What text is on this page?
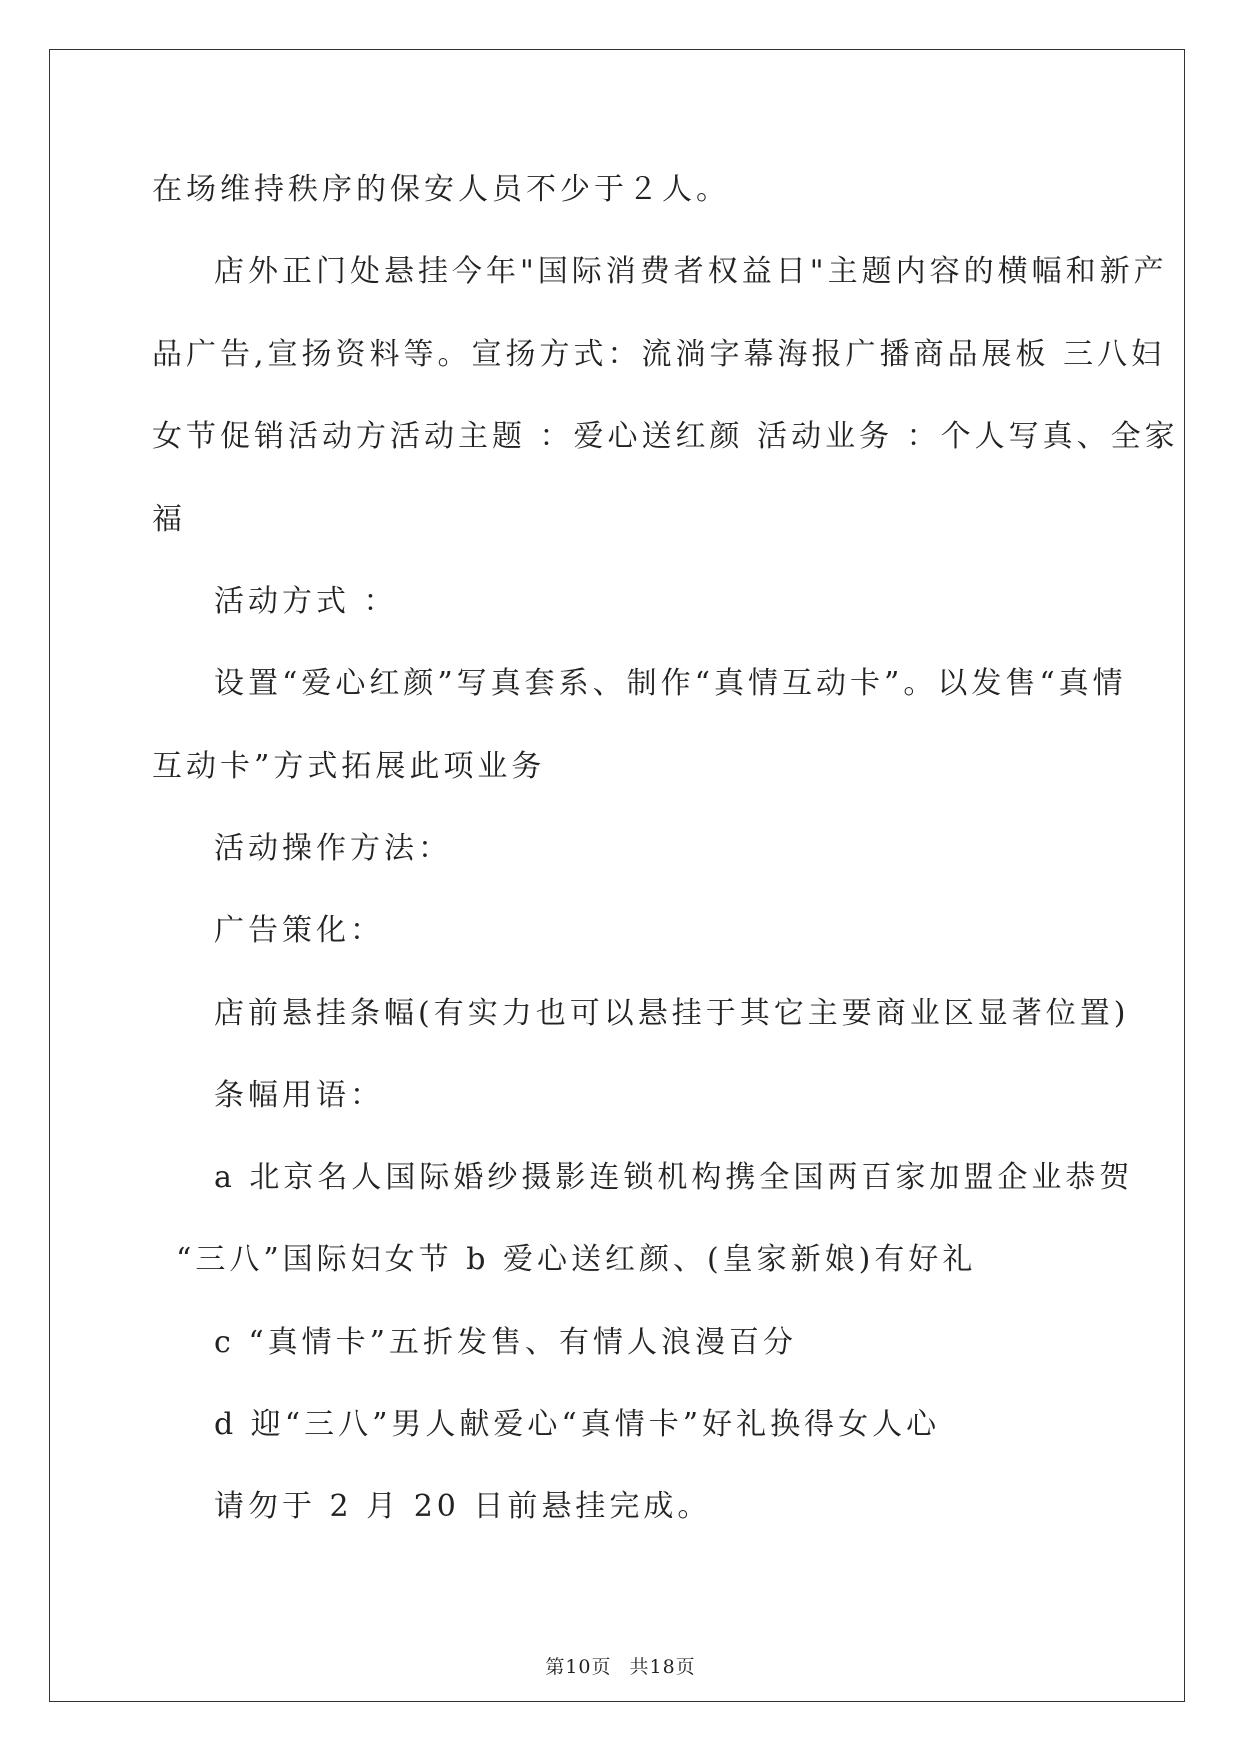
在场维持秩序的保安人员不少于２人。
店外正门处悬挂今年"国际消费者权益日"主题内容的横幅和新产
品广告,宣扬资料等。宣扬方式：流淌字幕海报广播商品展板 三八妇
女节促销活动方活动主题 ：爱心送红颜 活动业务 ：个人写真、全家
福
活动方式 ：
设置“爱心红颜”写真套系、制作“真情互动卡”。以发售“真情
互动卡”方式拓展此项业务
活动操作方法：
广告策化：
店前悬挂条幅(有实力也可以悬挂于其它主要商业区显著位置)
条幅用语：
a 北京名人国际婚纱摄影连锁机构携全国两百家加盟企业恭贺
“三八”国际妇女节 b 爱心送红颜、(皇家新娘)有好礼
c “真情卡”五折发售、有情人浪漫百分
d 迎“三八”男人献爱心“真情卡”好礼换得女人心
请勿于 2 月 20 日前悬挂完成。
第10页 共18页
